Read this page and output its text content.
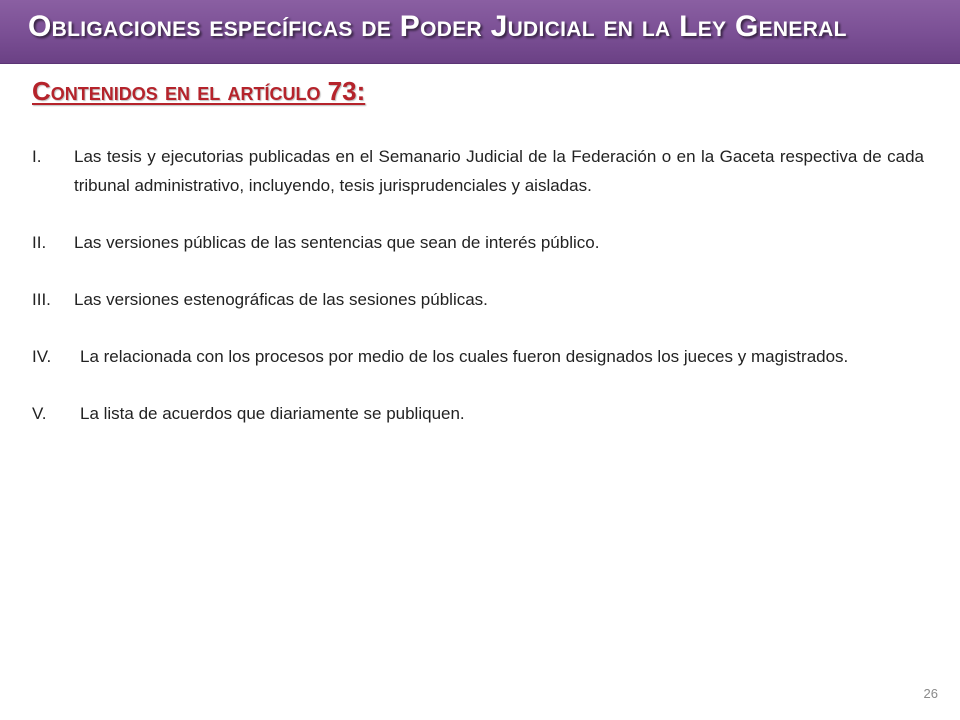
Obligaciones específicas de Poder Judicial en la Ley General
Contenidos en el artículo 73:
I.	Las tesis y ejecutorias publicadas en el Semanario Judicial de la Federación o en la Gaceta respectiva de cada tribunal administrativo, incluyendo, tesis jurisprudenciales y aisladas.
II.	Las versiones públicas de las sentencias que sean de interés público.
III.	Las versiones estenográficas de las sesiones públicas.
IV.	La relacionada con los procesos por medio de los cuales fueron designados los jueces y magistrados.
V.	La lista de acuerdos que diariamente se publiquen.
26
